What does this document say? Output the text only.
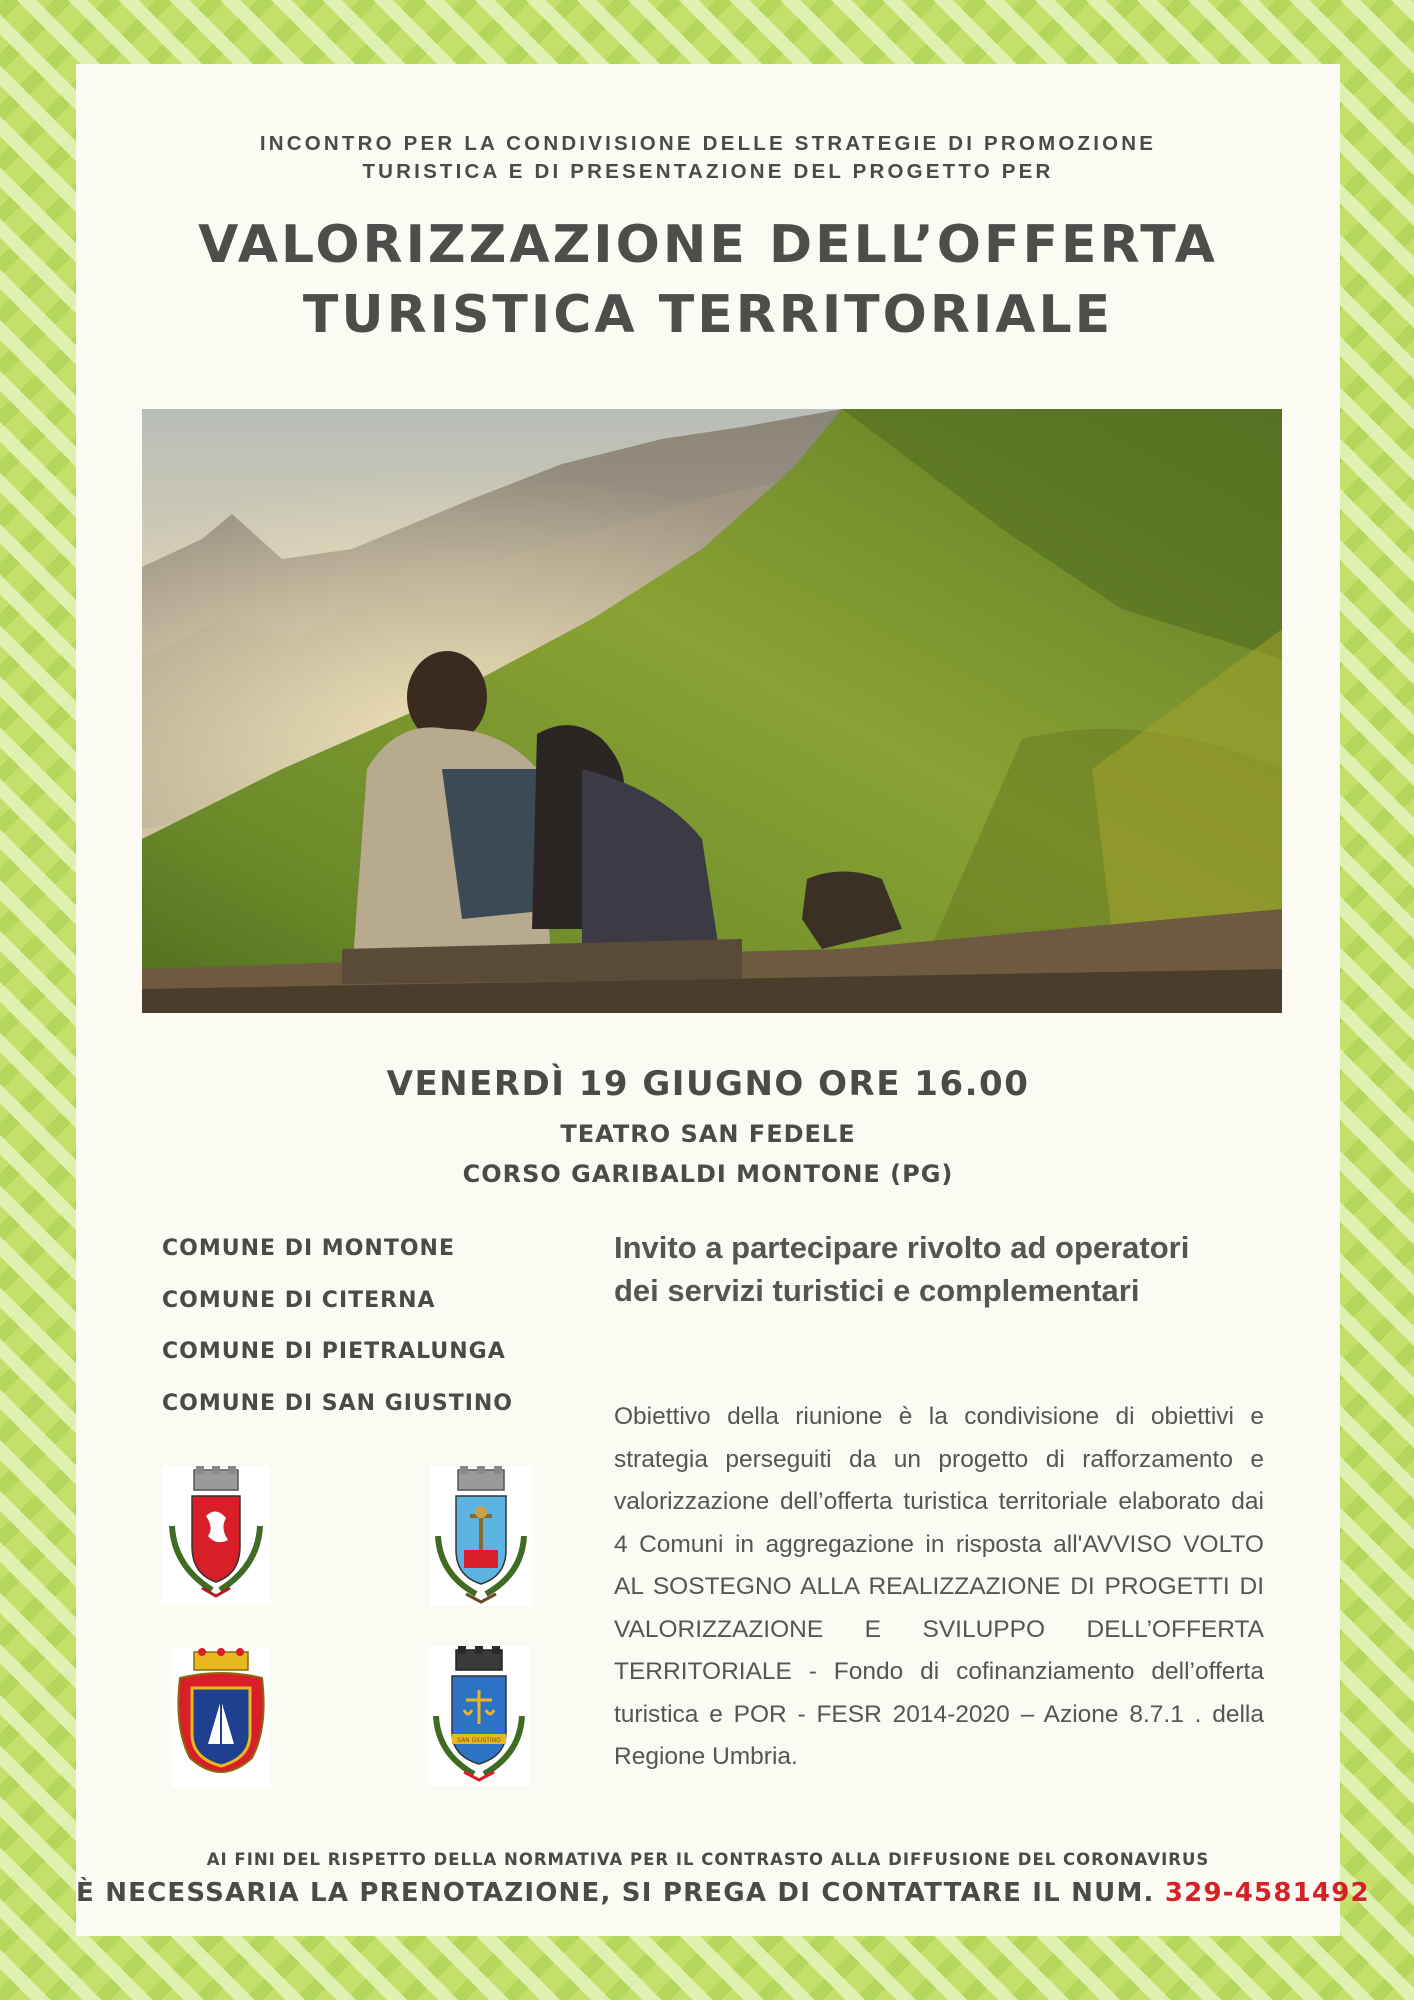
INCONTRO PER LA CONDIVISIONE DELLE STRATEGIE DI PROMOZIONE
TURISTICA E DI PRESENTAZIONE DEL PROGETTO PER
VALORIZZAZIONE DELL’OFFERTA
TURISTICA TERRITORIALE
VENERDÌ 19 GIUGNO ORE 16.00
TEATRO SAN FEDELE
CORSO GARIBALDI MONTONE (PG)
COMUNE DI MONTONE
COMUNE DI CITERNA
COMUNE DI PIETRALUNGA
COMUNE DI SAN GIUSTINO
Invito a partecipare rivolto ad operatori
dei servizi turistici e complementari
Obiettivo della riunione è la condivisione di obiettivi e strategia perseguiti da un progetto di rafforzamento e valorizzazione dell’offerta turistica territoriale elaborato dai 4 Comuni in aggregazione in risposta all'AVVISO VOLTO AL SOSTEGNO ALLA REALIZZAZIONE DI PROGETTI DI VALORIZZAZIONE E SVILUPPO DELL’OFFERTA TERRITORIALE - Fondo di cofinanziamento dell’offerta turistica e POR - FESR 2014-2020 – Azione 8.7.1 . della Regione Umbria.
SAN GIUSTINO
AI FINI DEL RISPETTO DELLA NORMATIVA PER IL CONTRASTO ALLA DIFFUSIONE DEL CORONAVIRUS
È NECESSARIA LA PRENOTAZIONE, SI PREGA DI CONTATTARE IL NUM. 329-4581492
